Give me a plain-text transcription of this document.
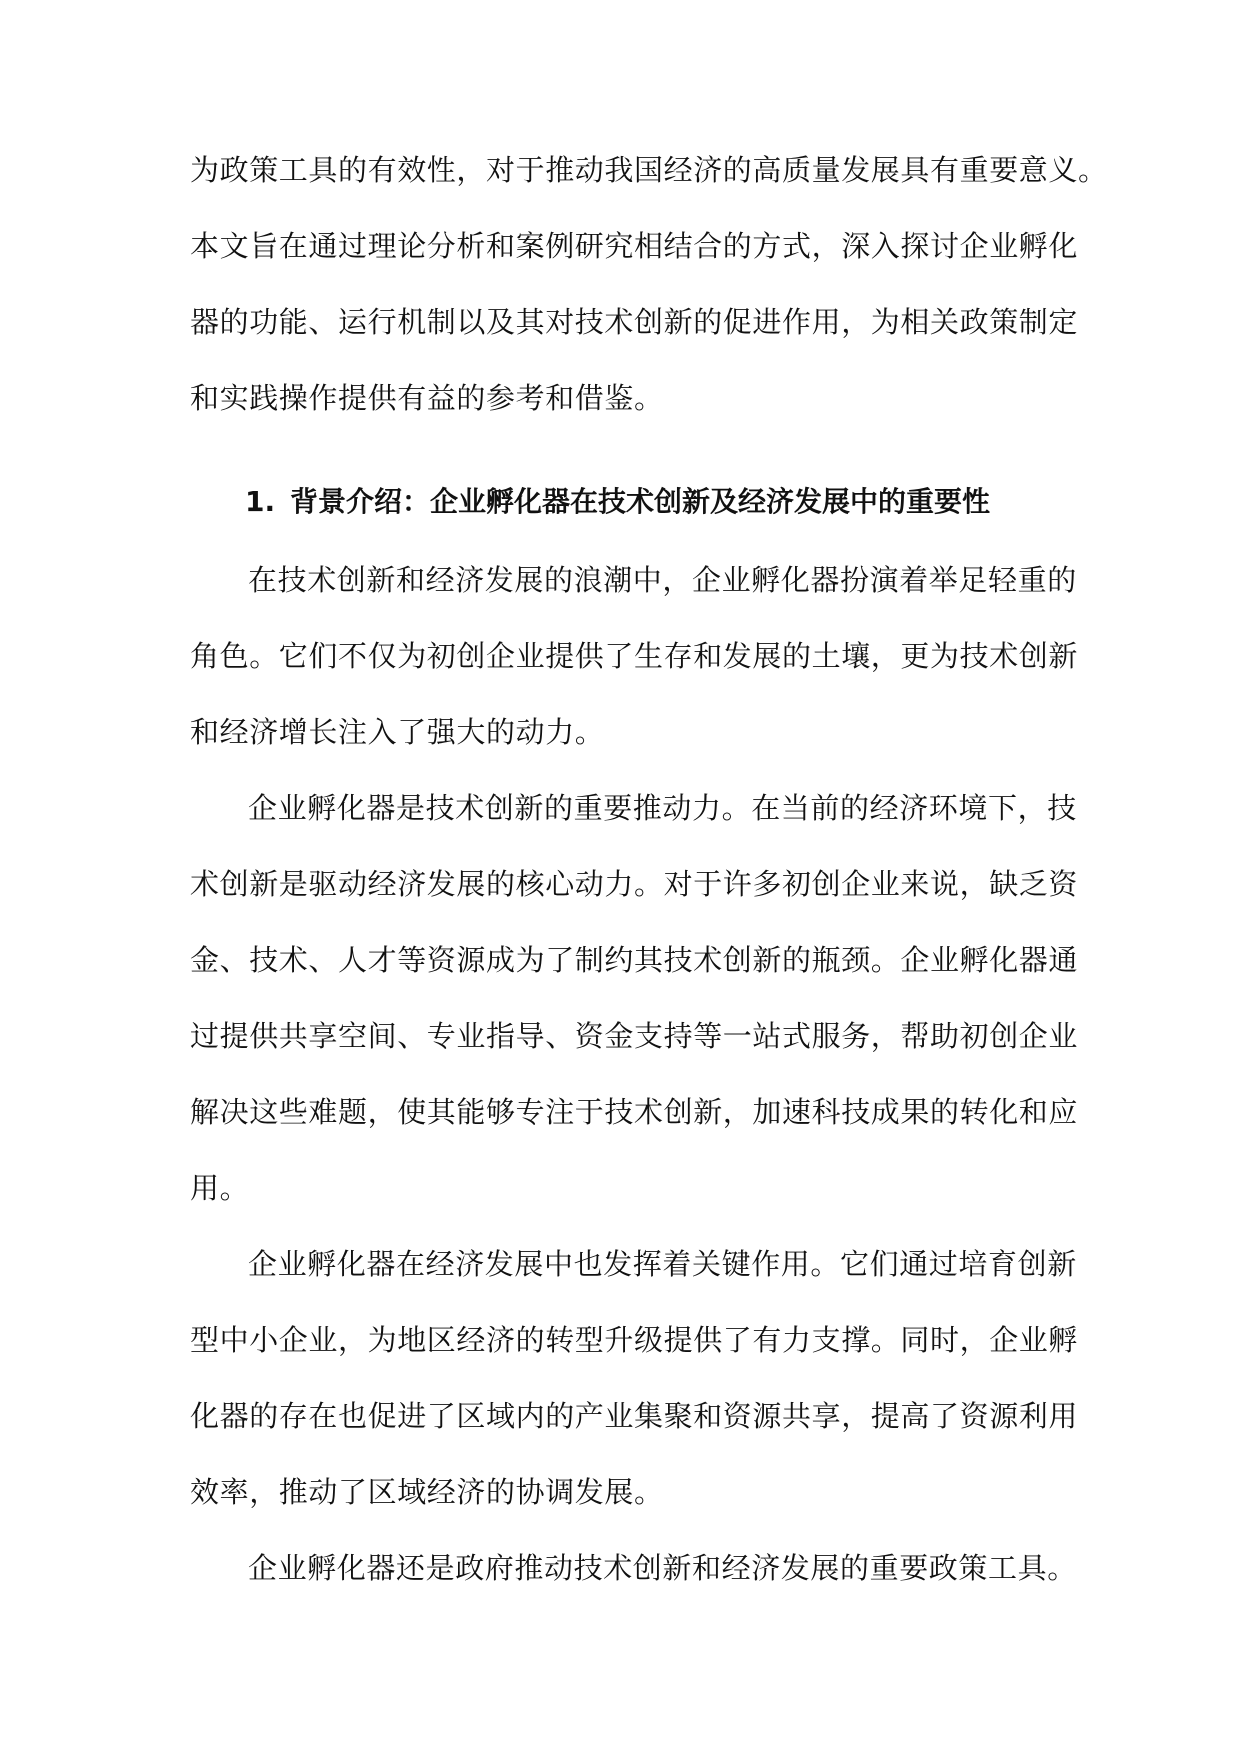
为政策工具的有效性，对于推动我国经济的高质量发展具有重要意义。

本文旨在通过理论分析和案例研究相结合的方式，深入探讨企业孵化

器的功能、运行机制以及其对技术创新的促进作用，为相关政策制定

和实践操作提供有益的参考和借鉴。

1. 背景介绍：企业孵化器在技术创新及经济发展中的重要性

在技术创新和经济发展的浪潮中，企业孵化器扮演着举足轻重的

角色。它们不仅为初创企业提供了生存和发展的土壤，更为技术创新

和经济增长注入了强大的动力。

企业孵化器是技术创新的重要推动力。在当前的经济环境下，技

术创新是驱动经济发展的核心动力。对于许多初创企业来说，缺乏资

金、技术、人才等资源成为了制约其技术创新的瓶颈。企业孵化器通

过提供共享空间、专业指导、资金支持等一站式服务，帮助初创企业

解决这些难题，使其能够专注于技术创新，加速科技成果的转化和应

用。

企业孵化器在经济发展中也发挥着关键作用。它们通过培育创新

型中小企业，为地区经济的转型升级提供了有力支撑。同时，企业孵

化器的存在也促进了区域内的产业集聚和资源共享，提高了资源利用

效率，推动了区域经济的协调发展。

企业孵化器还是政府推动技术创新和经济发展的重要政策工具。
